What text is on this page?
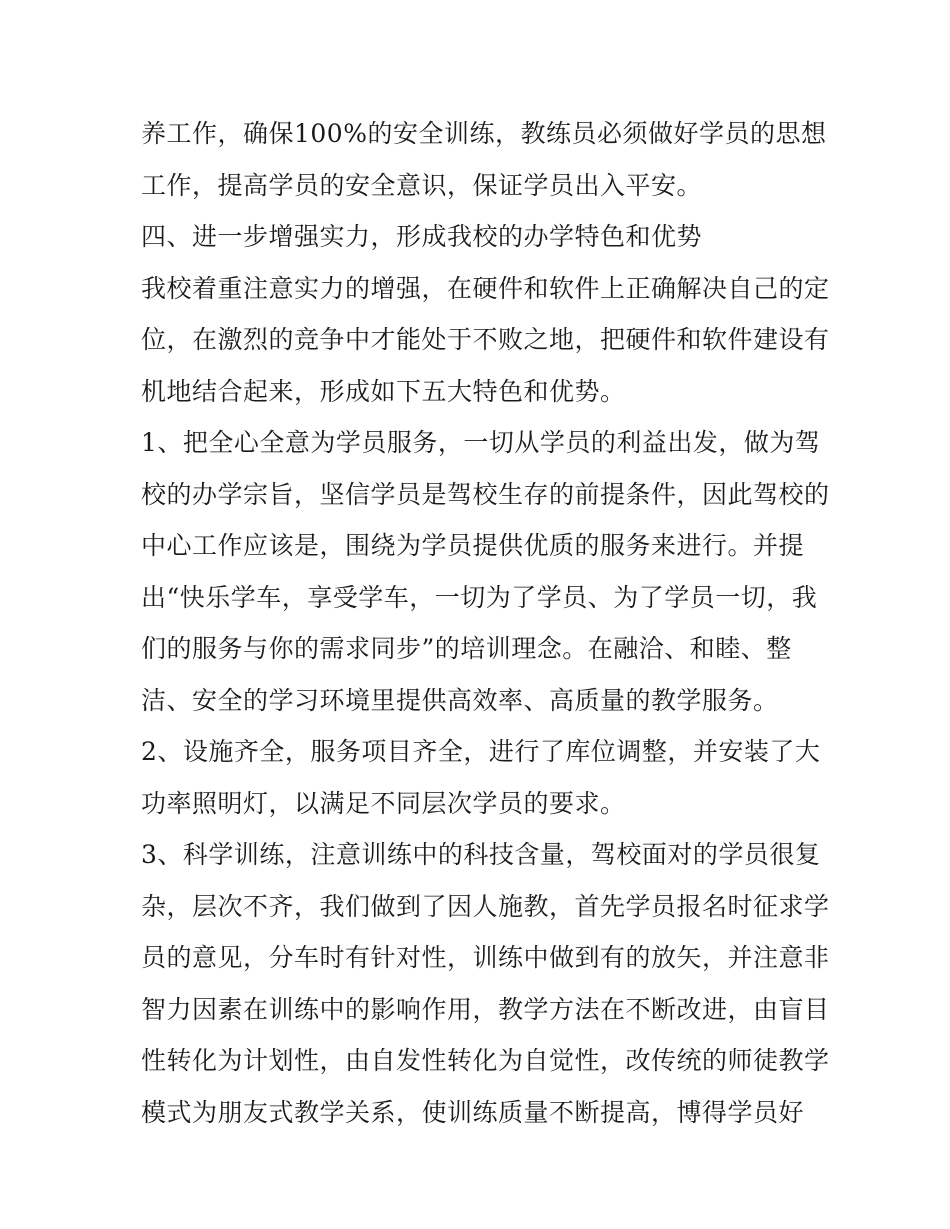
养工作，确保100%的安全训练，教练员必须做好学员的思想
工作，提高学员的安全意识，保证学员出入平安。
四、进一步增强实力，形成我校的办学特色和优势
我校着重注意实力的增强，在硬件和软件上正确解决自己的定
位，在激烈的竞争中才能处于不败之地，把硬件和软件建设有
机地结合起来，形成如下五大特色和优势。
1、把全心全意为学员服务，一切从学员的利益出发，做为驾
校的办学宗旨，坚信学员是驾校生存的前提条件，因此驾校的
中心工作应该是，围绕为学员提供优质的服务来进行。并提
出“快乐学车，享受学车，一切为了学员、为了学员一切，我
们的服务与你的需求同步”的培训理念。在融洽、和睦、整
洁、安全的学习环境里提供高效率、高质量的教学服务。
2、设施齐全，服务项目齐全，进行了库位调整，并安装了大
功率照明灯，以满足不同层次学员的要求。
3、科学训练，注意训练中的科技含量，驾校面对的学员很复
杂，层次不齐，我们做到了因人施教，首先学员报名时征求学
员的意见，分车时有针对性，训练中做到有的放矢，并注意非
智力因素在训练中的影响作用，教学方法在不断改进，由盲目
性转化为计划性，由自发性转化为自觉性，改传统的师徒教学
模式为朋友式教学关系，使训练质量不断提高，博得学员好
